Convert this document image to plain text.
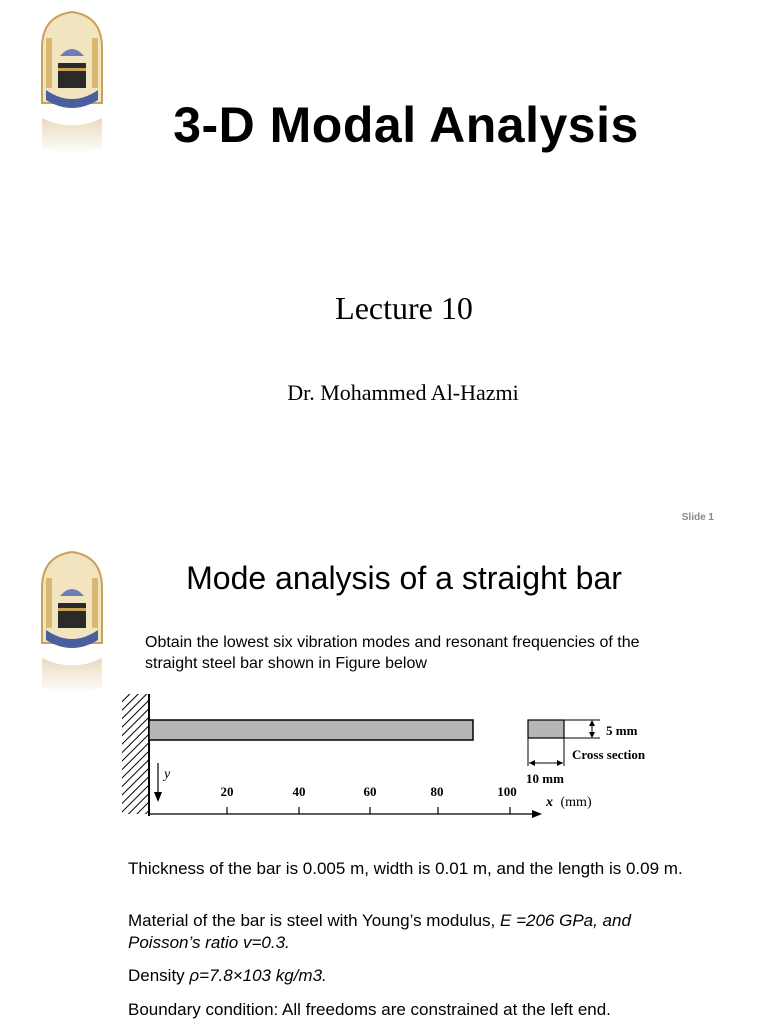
3-D Modal Analysis
Lecture 10
Dr. Mohammed Al-Hazmi
Slide 1
Mode analysis of a straight bar
Obtain the lowest six vibration modes and resonant frequencies of the
straight steel bar shown in Figure below
y
20	40	60	80	100
x (mm)
5 mm
Cross section
10 mm
Thickness of the bar is 0.005 m, width is 0.01 m, and the length is 0.09 m.
Material of the bar is steel with Young’s modulus, E =206 GPa, and Poisson’s ratio v=0.3.
Density ρ=7.8×103 kg/m3.
Boundary condition: All freedoms are constrained at the left end.
